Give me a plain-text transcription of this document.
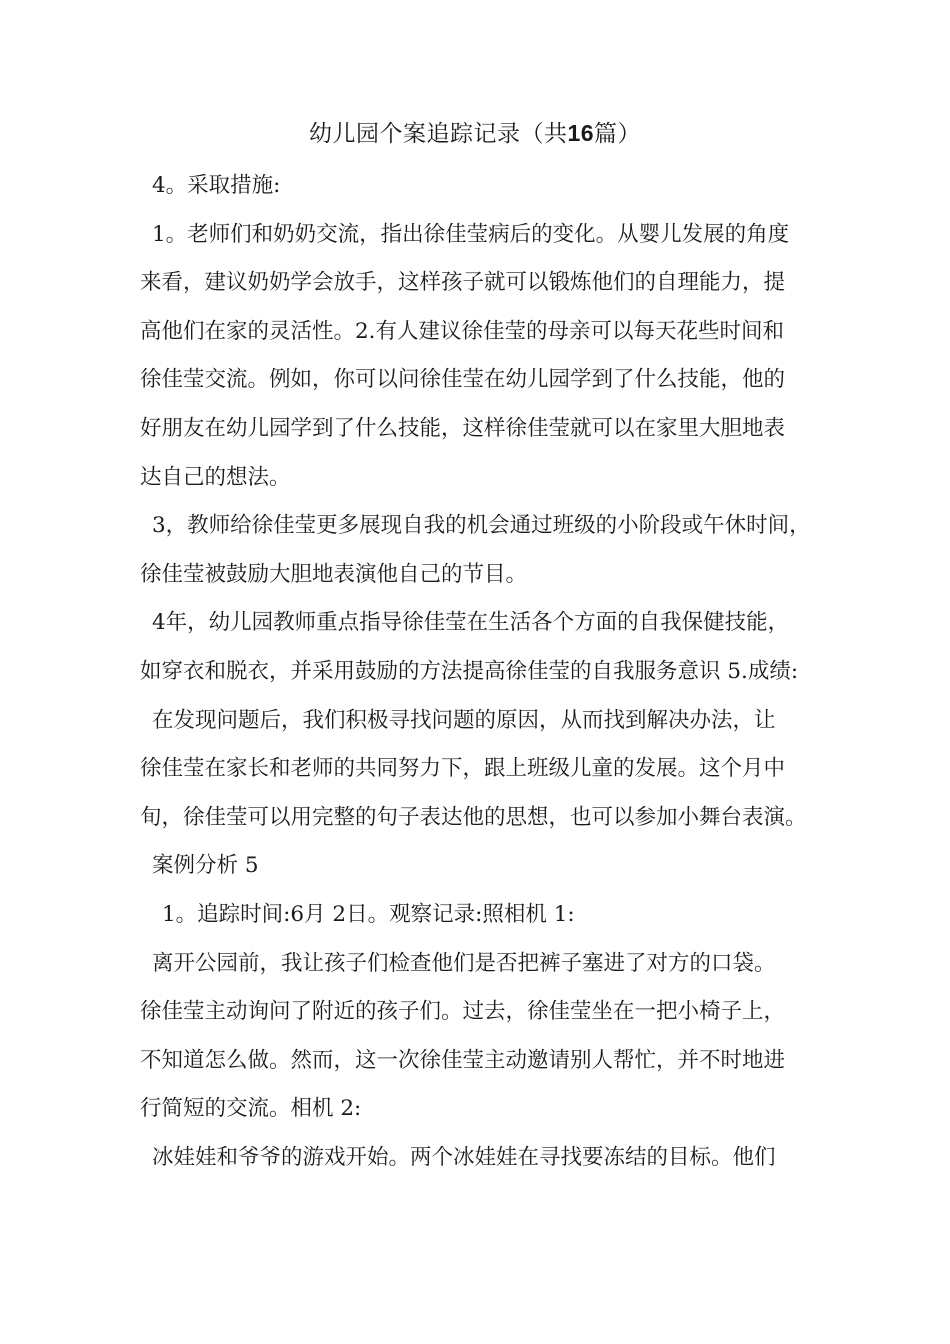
幼儿园个案追踪记录（共16篇）
4。采取措施:
1。老师们和奶奶交流，指出徐佳莹病后的变化。从婴儿发展的角度
来看，建议奶奶学会放手，这样孩子就可以锻炼他们的自理能力，提
高他们在家的灵活性。2.有人建议徐佳莹的母亲可以每天花些时间和
徐佳莹交流。例如，你可以问徐佳莹在幼儿园学到了什么技能，他的
好朋友在幼儿园学到了什么技能，这样徐佳莹就可以在家里大胆地表
达自己的想法。
3，教师给徐佳莹更多展现自我的机会通过班级的小阶段或午休时间，
徐佳莹被鼓励大胆地表演他自己的节目。
4年，幼儿园教师重点指导徐佳莹在生活各个方面的自我保健技能，
如穿衣和脱衣，并采用鼓励的方法提高徐佳莹的自我服务意识 5.成绩:
在发现问题后，我们积极寻找问题的原因，从而找到解决办法，让
徐佳莹在家长和老师的共同努力下，跟上班级儿童的发展。这个月中
旬，徐佳莹可以用完整的句子表达他的思想，也可以参加小舞台表演。
案例分析 5
1。追踪时间:6月 2日。观察记录:照相机 1:
离开公园前，我让孩子们检查他们是否把裤子塞进了对方的口袋。
徐佳莹主动询问了附近的孩子们。过去，徐佳莹坐在一把小椅子上，
不知道怎么做。然而，这一次徐佳莹主动邀请别人帮忙，并不时地进
行简短的交流。相机 2:
冰娃娃和爷爷的游戏开始。两个冰娃娃在寻找要冻结的目标。他们
